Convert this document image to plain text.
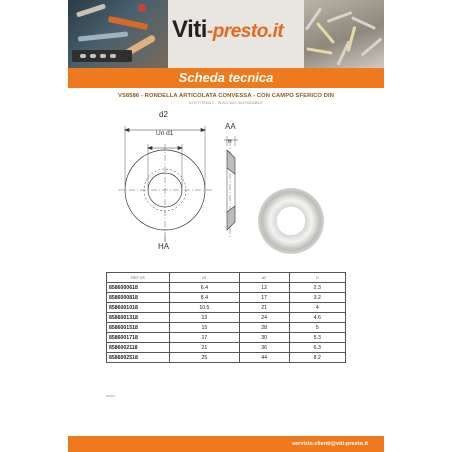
Viti-presto.it
Scheda tecnica
VS8586 - RONDELLA ARTICOLATA CONVESSA - CON CAMPO SFERICO DIN
6319 FORMA C - IN ACCIAIO INOSSIDABILE
d2
Un d1
AA
H
HA
REF VS	d1	d2	H
8586000618	6.4	12	2.3
8586000818	8.4	17	3.2
8586001018	10.5	21	4
8586001318	13	24	4.6
8586001518	15	28	5
8586001718	17	30	5.3
8586002118	21	36	6.3
8586002518	25	44	8.2
8586/0
servizio.clienti@viti-presto.it
